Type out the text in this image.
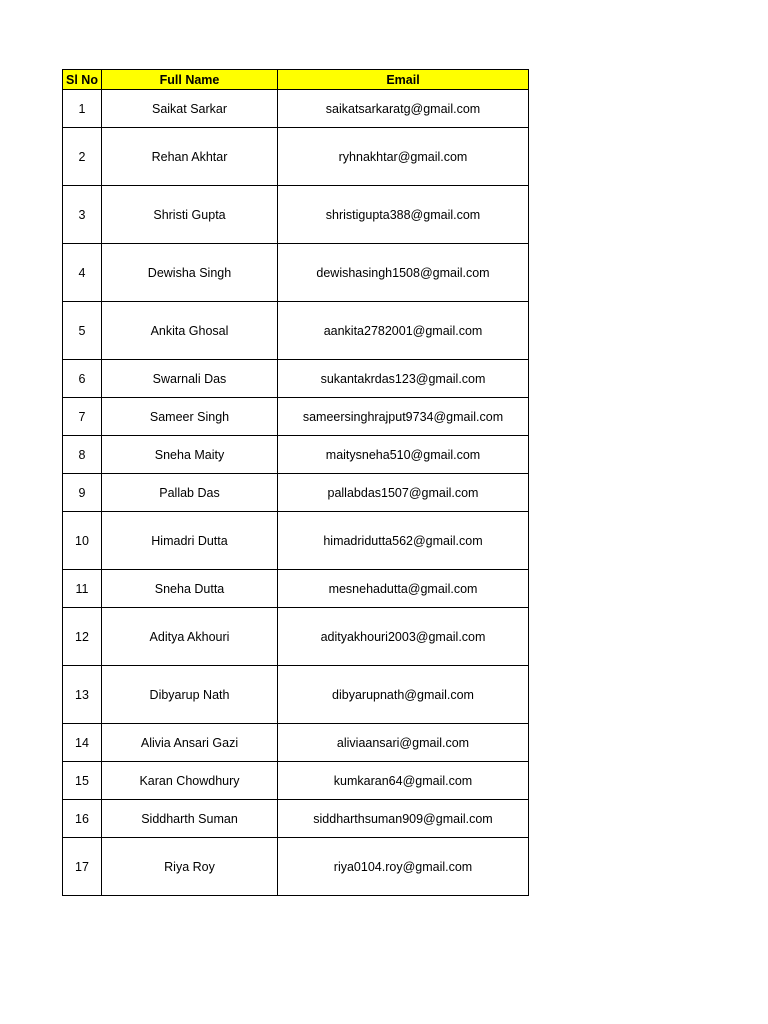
Sl No	Full Name	Email
1	Saikat Sarkar	saikatsarkaratg@gmail.com
2	Rehan Akhtar	ryhnakhtar@gmail.com
3	Shristi Gupta	shristigupta388@gmail.com
4	Dewisha Singh	dewishasingh1508@gmail.com
5	Ankita Ghosal	aankita2782001@gmail.com
6	Swarnali Das	sukantakrdas123@gmail.com
7	Sameer Singh	sameersinghrajput9734@gmail.com
8	Sneha Maity	maitysneha510@gmail.com
9	Pallab Das	pallabdas1507@gmail.com
10	Himadri Dutta	himadridutta562@gmail.com
11	Sneha Dutta	mesnehadutta@gmail.com
12	Aditya Akhouri	adityakhouri2003@gmail.com
13	Dibyarup Nath	dibyarupnath@gmail.com
14	Alivia Ansari Gazi	aliviaansari@gmail.com
15	Karan Chowdhury	kumkaran64@gmail.com
16	Siddharth Suman	siddharthsuman909@gmail.com
17	Riya Roy	riya0104.roy@gmail.com
